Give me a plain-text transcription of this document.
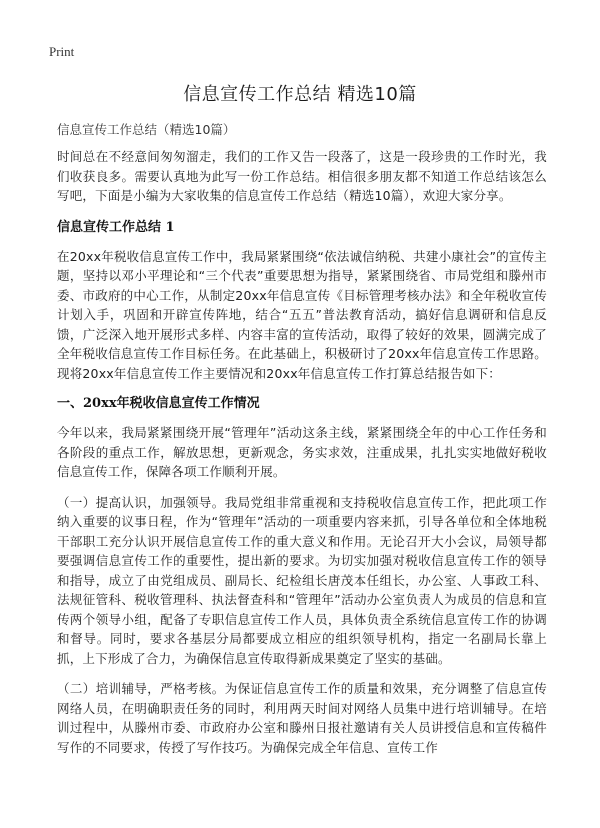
Print
信息宣传工作总结 精选10篇
信息宣传工作总结（精选10篇）

时间总在不经意间匆匆溜走，我们的工作又告一段落了，这是一段珍贵的工作时光，我们收获良多。需要认真地为此写一份工作总结。相信很多朋友都不知道工作总结该怎么写吧，下面是小编为大家收集的信息宣传工作总结（精选10篇），欢迎大家分享。

信息宣传工作总结 1

在20xx年税收信息宣传工作中，我局紧紧围绕“依法诚信纳税、共建小康社会”的宣传主题，坚持以邓小平理论和“三个代表”重要思想为指导，紧紧围绕省、市局党组和滕州市委、市政府的中心工作，从制定20xx年信息宣传《目标管理考核办法》和全年税收宣传计划入手，巩固和开辟宣传阵地，结合“五五”普法教育活动，搞好信息调研和信息反馈，广泛深入地开展形式多样、内容丰富的宣传活动，取得了较好的效果，圆满完成了全年税收信息宣传工作目标任务。在此基础上，积极研讨了20xx年信息宣传工作思路。现将20xx年信息宣传工作主要情况和20xx年信息宣传工作打算总结报告如下：

一、20xx年税收信息宣传工作情况

今年以来，我局紧紧围绕开展“管理年”活动这条主线，紧紧围绕全年的中心工作任务和各阶段的重点工作，解放思想，更新观念，务实求效，注重成果，扎扎实实地做好税收信息宣传工作，保障各项工作顺利开展。

（一）提高认识，加强领导。我局党组非常重视和支持税收信息宣传工作，把此项工作纳入重要的议事日程，作为“管理年”活动的一项重要内容来抓，引导各单位和全体地税干部职工充分认识开展信息宣传工作的重大意义和作用。无论召开大小会议，局领导都要强调信息宣传工作的重要性，提出新的要求。为切实加强对税收信息宣传工作的领导和指导，成立了由党组成员、副局长、纪检组长唐茂本任组长，办公室、人事政工科、法规征管科、税收管理科、执法督查科和“管理年”活动办公室负责人为成员的信息和宣传两个领导小组，配备了专职信息宣传工作人员，具体负责全系统信息宣传工作的协调和督导。同时，要求各基层分局都要成立相应的组织领导机构，指定一名副局长靠上抓，上下形成了合力，为确保信息宣传取得新成果奠定了坚实的基础。

（二）培训辅导，严格考核。为保证信息宣传工作的质量和效果，充分调整了信息宣传网络人员，在明确职责任务的同时，利用两天时间对网络人员集中进行培训辅导。在培训过程中，从滕州市委、市政府办公室和滕州日报社邀请有关人员讲授信息和宣传稿件写作的不同要求，传授了写作技巧。为确保完成全年信息、宣传工作
